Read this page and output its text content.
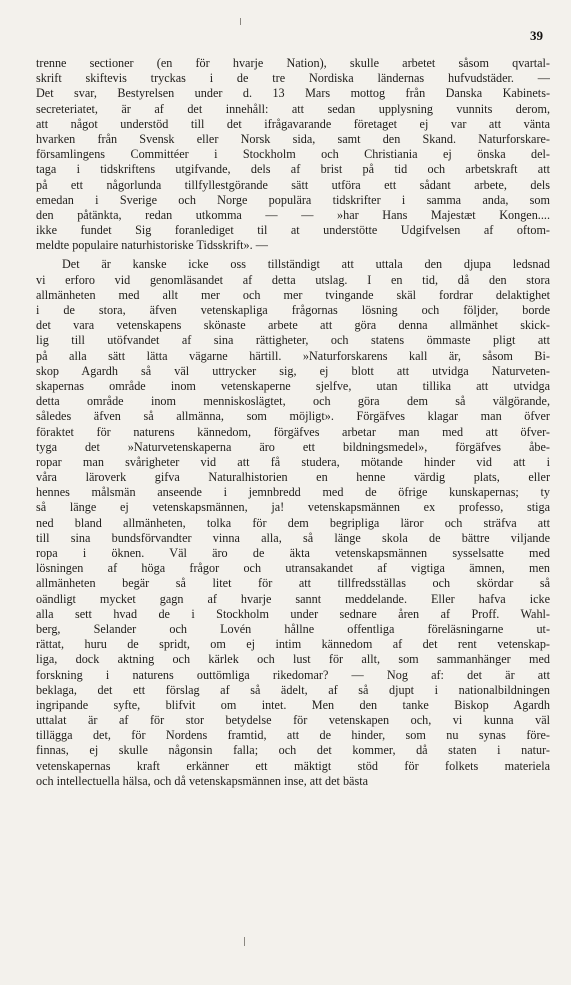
39
trenne sectioner (en för hvarje Nation), skulle arbetet såsom qvartal-
skrift skiftevis tryckas i de tre Nordiska ländernas hufvudstäder. —
Det svar, Bestyrelsen under d. 13 Mars mottog från Danska Kabinets-
secreteriatet, är af det innehåll: att sedan upplysning vunnits derom,
att något understöd till det ifrågavarande företaget ej var att vänta
hvarken från Svensk eller Norsk sida, samt den Skand. Naturforskare-
församlingens Committéer i Stockholm och Christiania ej önska del-
taga i tidskriftens utgifvande, dels af brist på tid och arbetskraft att
på ett någorlunda tillfyllestgörande sätt utföra ett sådant arbete, dels
emedan i Sverige och Norge populära tidskrifter i samma anda, som
den påtänkta, redan utkomma — — »har Hans Majestæt Kongen....
ikke fundet Sig foranlediget til at understötte Udgifvelsen af oftom-
meldte populaire naturhistoriske Tidsskrift». —
Det är kanske icke oss tillständigt att uttala den djupa ledsnad
vi erforo vid genomläsandet af detta utslag. I en tid, då den stora
allmänheten med allt mer och mer tvingande skäl fordrar delaktighet
i de stora, äfven vetenskapliga frågornas lösning och följder, borde
det vara vetenskapens skönaste arbete att göra denna allmänhet skick-
lig till utöfvandet af sina rättigheter, och statens ömmaste pligt att
på alla sätt lätta vägarne härtill. »Naturforskarens kall är, såsom Bi-
skop Agardh så väl uttrycker sig, ej blott att utvidga Naturveten-
skapernas område inom vetenskaperne sjelfve, utan tillika att utvidga
detta område inom menniskoslägtet, och göra dem så välgörande,
således äfven så allmänna, som möjligt». Förgäfves klagar man öfver
föraktet för naturens kännedom, förgäfves arbetar man med att öfver-
tyga det »Naturvetenskaperna äro ett bildningsmedel», förgäfves åbe-
ropar man svårigheter vid att få studera, mötande hinder vid att i
våra läroverk gifva Naturalhistorien en henne värdig plats, eller
hennes målsmän anseende i jemnbredd med de öfrige kunskapernas; ty
så länge ej vetenskapsmännen, ja! vetenskapsmännen ex professo, stiga
ned bland allmänheten, tolka för dem begripliga läror och sträfva att
till sina bundsförvandter vinna alla, så länge skola de bättre viljande
ropa i öknen. Väl äro de äkta vetenskapsmännen sysselsatte med
lösningen af höga frågor och utransakandet af vigtiga ämnen, men
allmänheten begär så litet för att tillfredsställas och skördar så
oändligt mycket gagn af hvarje sannt meddelande. Eller hafva icke
alla sett hvad de i Stockholm under sednare åren af Proff. Wahl-
berg, Selander och Lovén hållne offentliga föreläsningarne ut-
rättat, huru de spridt, om ej intim kännedom af det rent vetenskap-
liga, dock aktning och kärlek och lust för allt, som sammanhänger med
forskning i naturens outtömliga rikedomar? — Nog af: det är att
beklaga, det ett förslag af så ädelt, af så djupt i nationalbildningen
ingripande syfte, blifvit om intet. Men den tanke Biskop Agardh
uttalat är af för stor betydelse för vetenskapen och, vi kunna väl
tillägga det, för Nordens framtid, att de hinder, som nu synas före-
finnas, ej skulle någonsin falla; och det kommer, då staten i natur-
vetenskapernas kraft erkänner ett mäktigt stöd för folkets materiela
och intellectuella hälsa, och då vetenskapsmännen inse, att det bästa
